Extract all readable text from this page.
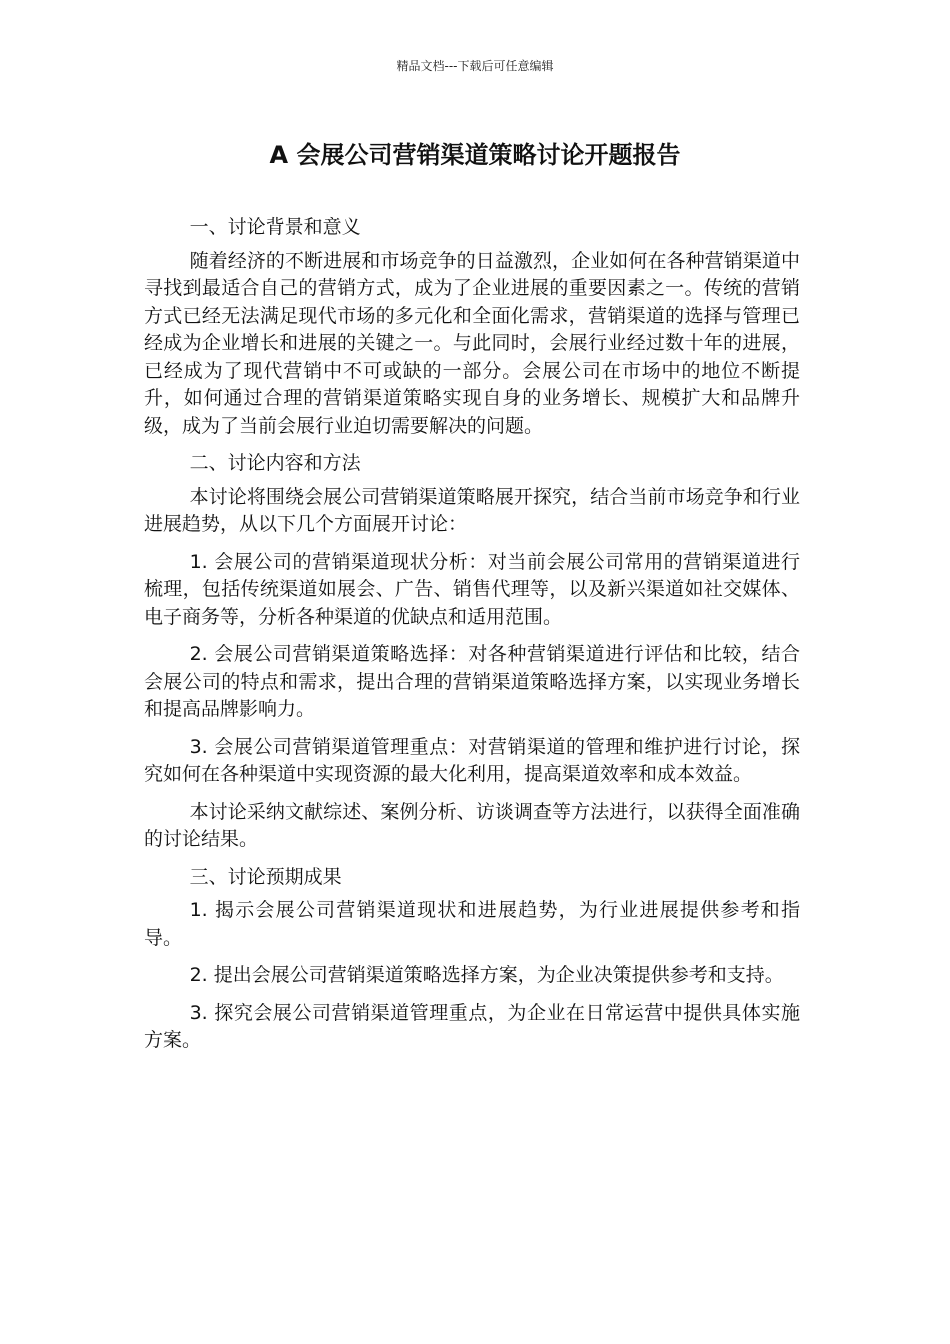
精品文档---下载后可任意编辑
A 会展公司营销渠道策略讨论开题报告

一、讨论背景和意义

随着经济的不断进展和市场竞争的日益激烈，企业如何在各种营销渠道中寻找到最适合自己的营销方式，成为了企业进展的重要因素之一。传统的营销方式已经无法满足现代市场的多元化和全面化需求，营销渠道的选择与管理已经成为企业增长和进展的关键之一。与此同时，会展行业经过数十年的进展，已经成为了现代营销中不可或缺的一部分。会展公司在市场中的地位不断提升，如何通过合理的营销渠道策略实现自身的业务增长、规模扩大和品牌升级，成为了当前会展行业迫切需要解决的问题。

二、讨论内容和方法

本讨论将围绕会展公司营销渠道策略展开探究，结合当前市场竞争和行业进展趋势，从以下几个方面展开讨论：

1. 会展公司的营销渠道现状分析：对当前会展公司常用的营销渠道进行梳理，包括传统渠道如展会、广告、销售代理等，以及新兴渠道如社交媒体、电子商务等，分析各种渠道的优缺点和适用范围。

2. 会展公司营销渠道策略选择：对各种营销渠道进行评估和比较，结合会展公司的特点和需求，提出合理的营销渠道策略选择方案，以实现业务增长和提高品牌影响力。

3. 会展公司营销渠道管理重点：对营销渠道的管理和维护进行讨论，探究如何在各种渠道中实现资源的最大化利用，提高渠道效率和成本效益。

本讨论采纳文献综述、案例分析、访谈调查等方法进行，以获得全面准确的讨论结果。

三、讨论预期成果

1. 揭示会展公司营销渠道现状和进展趋势，为行业进展提供参考和指导。

2. 提出会展公司营销渠道策略选择方案，为企业决策提供参考和支持。

3. 探究会展公司营销渠道管理重点，为企业在日常运营中提供具体实施方案。
